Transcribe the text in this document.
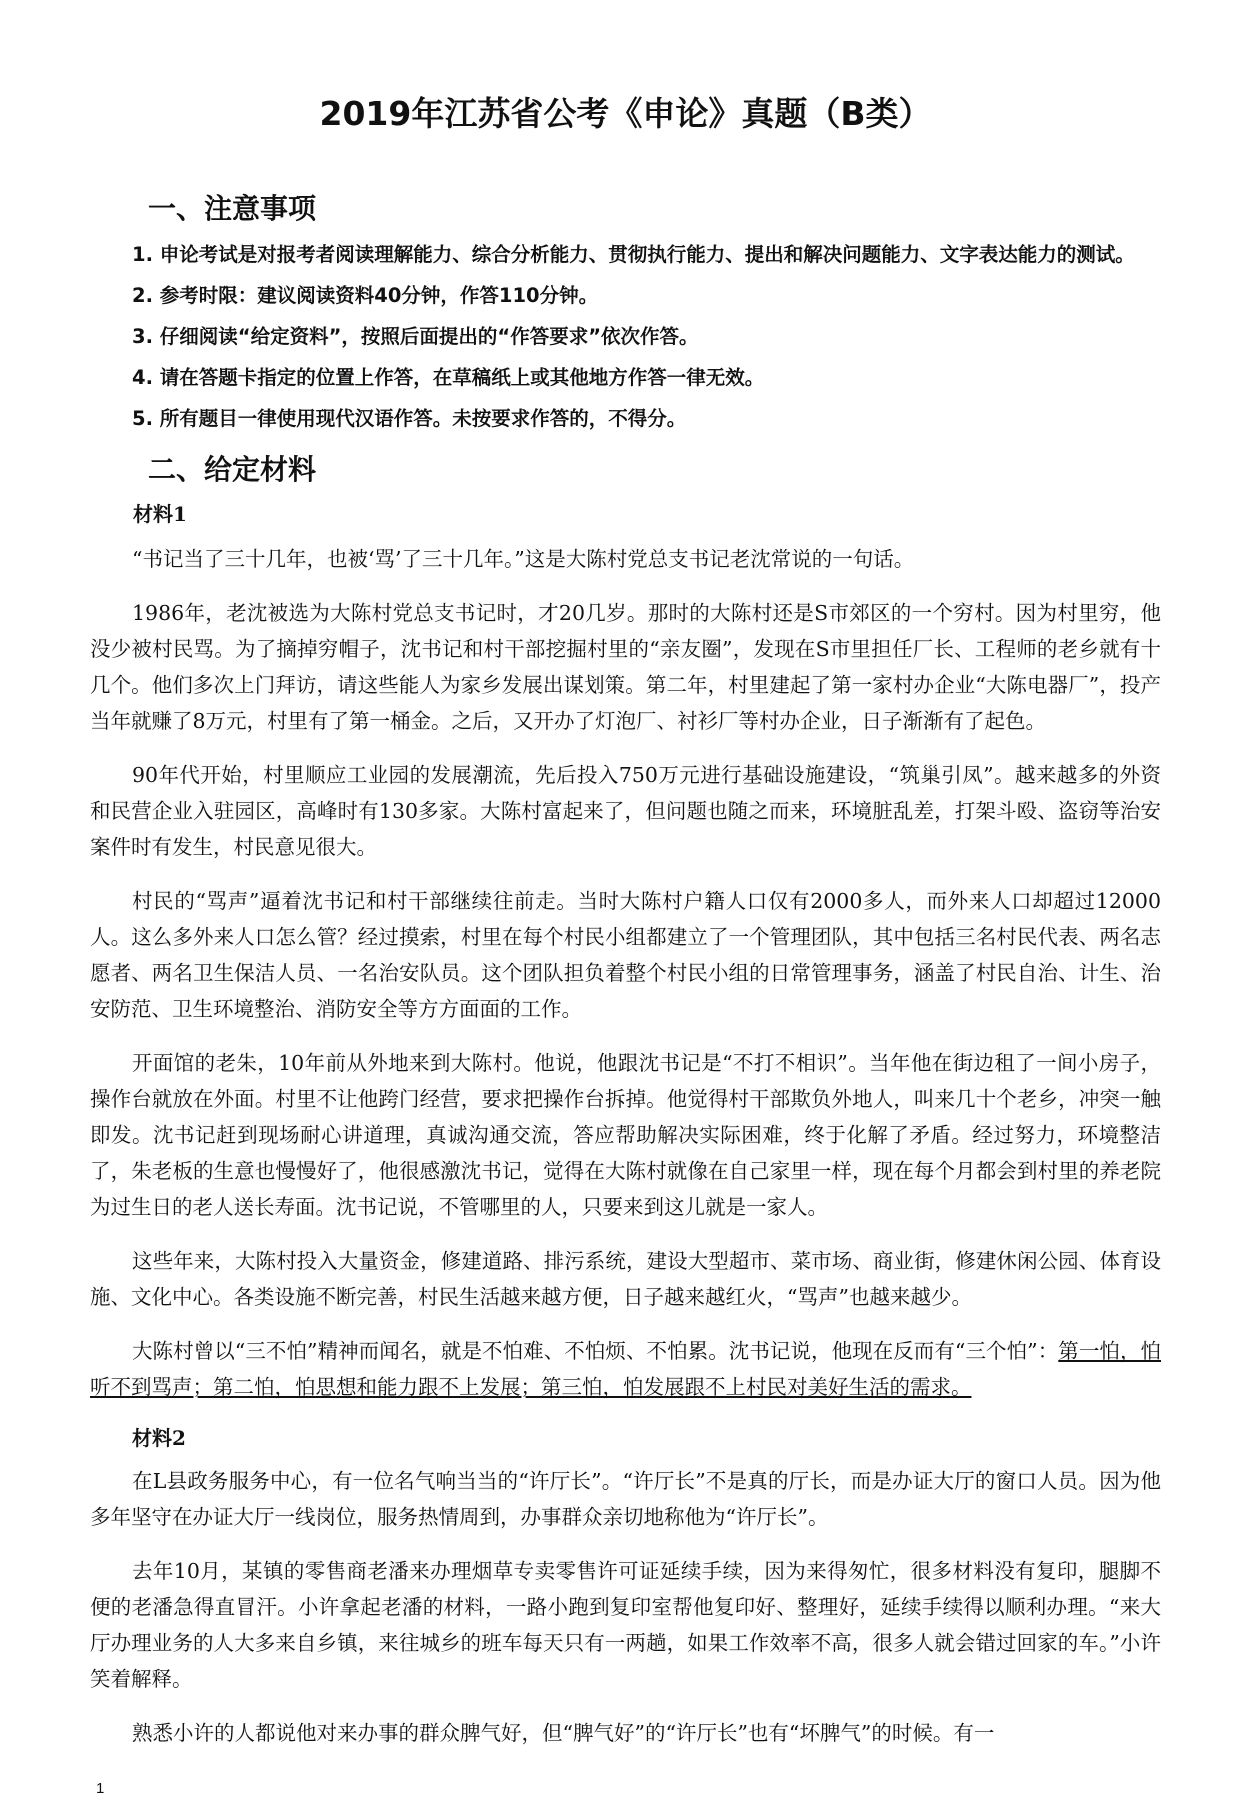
2019年江苏省公考《申论》真题（B类）
一、注意事项
1. 申论考试是对报考者阅读理解能力、综合分析能力、贯彻执行能力、提出和解决问题能力、文字表达能力的测试。
2. 参考时限：建议阅读资料40分钟，作答110分钟。
3. 仔细阅读“给定资料”，按照后面提出的“作答要求”依次作答。
4. 请在答题卡指定的位置上作答，在草稿纸上或其他地方作答一律无效。
5. 所有题目一律使用现代汉语作答。未按要求作答的，不得分。
二、给定材料
材料1

“书记当了三十几年，也被‘骂’了三十几年。”这是大陈村党总支书记老沈常说的一句话。

1986年，老沈被选为大陈村党总支书记时，才20几岁。那时的大陈村还是S市郊区的一个穷村。因为村里穷，他没少被村民骂。为了摘掉穷帽子，沈书记和村干部挖掘村里的“亲友圈”，发现在S市里担任厂长、工程师的老乡就有十几个。他们多次上门拜访，请这些能人为家乡发展出谋划策。第二年，村里建起了第一家村办企业“大陈电器厂”，投产当年就赚了8万元，村里有了第一桶金。之后，又开办了灯泡厂、衬衫厂等村办企业，日子渐渐有了起色。

90年代开始，村里顺应工业园的发展潮流，先后投入750万元进行基础设施建设，“筑巢引凤”。越来越多的外资和民营企业入驻园区，高峰时有130多家。大陈村富起来了，但问题也随之而来，环境脏乱差，打架斗殴、盗窃等治安案件时有发生，村民意见很大。

村民的“骂声”逼着沈书记和村干部继续往前走。当时大陈村户籍人口仅有2000多人，而外来人口却超过12000人。这么多外来人口怎么管？经过摸索，村里在每个村民小组都建立了一个管理团队，其中包括三名村民代表、两名志愿者、两名卫生保洁人员、一名治安队员。这个团队担负着整个村民小组的日常管理事务，涵盖了村民自治、计生、治安防范、卫生环境整治、消防安全等方方面面的工作。

开面馆的老朱，10年前从外地来到大陈村。他说，他跟沈书记是“不打不相识”。当年他在街边租了一间小房子，操作台就放在外面。村里不让他跨门经营，要求把操作台拆掉。他觉得村干部欺负外地人，叫来几十个老乡，冲突一触即发。沈书记赶到现场耐心讲道理，真诚沟通交流，答应帮助解决实际困难，终于化解了矛盾。经过努力，环境整洁了，朱老板的生意也慢慢好了，他很感激沈书记，觉得在大陈村就像在自己家里一样，现在每个月都会到村里的养老院为过生日的老人送长寿面。沈书记说，不管哪里的人，只要来到这儿就是一家人。

这些年来，大陈村投入大量资金，修建道路、排污系统，建设大型超市、菜市场、商业街，修建休闲公园、体育设施、文化中心。各类设施不断完善，村民生活越来越方便，日子越来越红火，“骂声”也越来越少。

大陈村曾以“三不怕”精神而闻名，就是不怕难、不怕烦、不怕累。沈书记说，他现在反而有“三个怕”：第一怕，怕听不到骂声；第二怕，怕思想和能力跟不上发展；第三怕，怕发展跟不上村民对美好生活的需求。

材料2

在L县政务服务中心，有一位名气响当当的“许厅长”。“许厅长”不是真的厅长，而是办证大厅的窗口人员。因为他多年坚守在办证大厅一线岗位，服务热情周到，办事群众亲切地称他为“许厅长”。

去年10月，某镇的零售商老潘来办理烟草专卖零售许可证延续手续，因为来得匆忙，很多材料没有复印，腿脚不便的老潘急得直冒汗。小许拿起老潘的材料，一路小跑到复印室帮他复印好、整理好，延续手续得以顺利办理。“来大厅办理业务的人大多来自乡镇，来往城乡的班车每天只有一两趟，如果工作效率不高，很多人就会错过回家的车。”小许笑着解释。

熟悉小许的人都说他对来办事的群众脾气好，但“脾气好”的“许厅长”也有“坏脾气”的时候。有一

1
